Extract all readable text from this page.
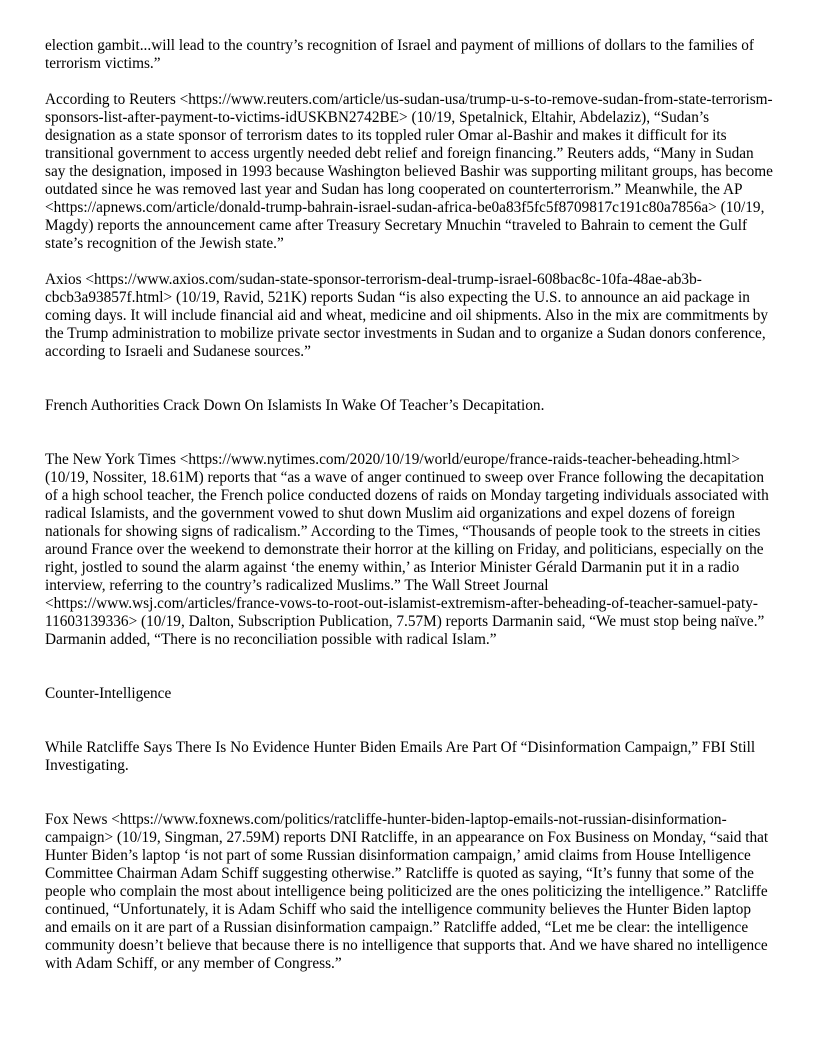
election gambit...will lead to the country’s recognition of Israel and payment of millions of dollars to the families of terrorism victims.”

According to Reuters <https://www.reuters.com/article/us-sudan-usa/trump-u-s-to-remove-sudan-from-state-terrorism-sponsors-list-after-payment-to-victims-idUSKBN2742BE> (10/19, Spetalnick, Eltahir, Abdelaziz), “Sudan’s designation as a state sponsor of terrorism dates to its toppled ruler Omar al-Bashir and makes it difficult for its transitional government to access urgently needed debt relief and foreign financing.” Reuters adds, “Many in Sudan say the designation, imposed in 1993 because Washington believed Bashir was supporting militant groups, has become outdated since he was removed last year and Sudan has long cooperated on counterterrorism.” Meanwhile, the AP <https://apnews.com/article/donald-trump-bahrain-israel-sudan-africa-be0a83f5fc5f8709817c191c80a7856a> (10/19, Magdy) reports the announcement came after Treasury Secretary Mnuchin “traveled to Bahrain to cement the Gulf state’s recognition of the Jewish state.”

Axios <https://www.axios.com/sudan-state-sponsor-terrorism-deal-trump-israel-608bac8c-10fa-48ae-ab3b-cbcb3a93857f.html> (10/19, Ravid, 521K) reports Sudan “is also expecting the U.S. to announce an aid package in coming days. It will include financial aid and wheat, medicine and oil shipments. Also in the mix are commitments by the Trump administration to mobilize private sector investments in Sudan and to organize a Sudan donors conference, according to Israeli and Sudanese sources.”

French Authorities Crack Down On Islamists In Wake Of Teacher’s Decapitation.

The New York Times <https://www.nytimes.com/2020/10/19/world/europe/france-raids-teacher-beheading.html> (10/19, Nossiter, 18.61M) reports that “as a wave of anger continued to sweep over France following the decapitation of a high school teacher, the French police conducted dozens of raids on Monday targeting individuals associated with radical Islamists, and the government vowed to shut down Muslim aid organizations and expel dozens of foreign nationals for showing signs of radicalism.” According to the Times, “Thousands of people took to the streets in cities around France over the weekend to demonstrate their horror at the killing on Friday, and politicians, especially on the right, jostled to sound the alarm against ‘the enemy within,’ as Interior Minister Gérald Darmanin put it in a radio interview, referring to the country’s radicalized Muslims.” The Wall Street Journal <https://www.wsj.com/articles/france-vows-to-root-out-islamist-extremism-after-beheading-of-teacher-samuel-paty-11603139336> (10/19, Dalton, Subscription Publication, 7.57M) reports Darmanin said, “We must stop being naïve.” Darmanin added, “There is no reconciliation possible with radical Islam.”

Counter-Intelligence

While Ratcliffe Says There Is No Evidence Hunter Biden Emails Are Part Of “Disinformation Campaign,” FBI Still Investigating.

Fox News <https://www.foxnews.com/politics/ratcliffe-hunter-biden-laptop-emails-not-russian-disinformation-campaign> (10/19, Singman, 27.59M) reports DNI Ratcliffe, in an appearance on Fox Business on Monday, “said that Hunter Biden’s laptop ‘is not part of some Russian disinformation campaign,’ amid claims from House Intelligence Committee Chairman Adam Schiff suggesting otherwise.” Ratcliffe is quoted as saying, “It’s funny that some of the people who complain the most about intelligence being politicized are the ones politicizing the intelligence.” Ratcliffe continued, “Unfortunately, it is Adam Schiff who said the intelligence community believes the Hunter Biden laptop and emails on it are part of a Russian disinformation campaign.” Ratcliffe added, “Let me be clear: the intelligence community doesn’t believe that because there is no intelligence that supports that. And we have shared no intelligence with Adam Schiff, or any member of Congress.”
